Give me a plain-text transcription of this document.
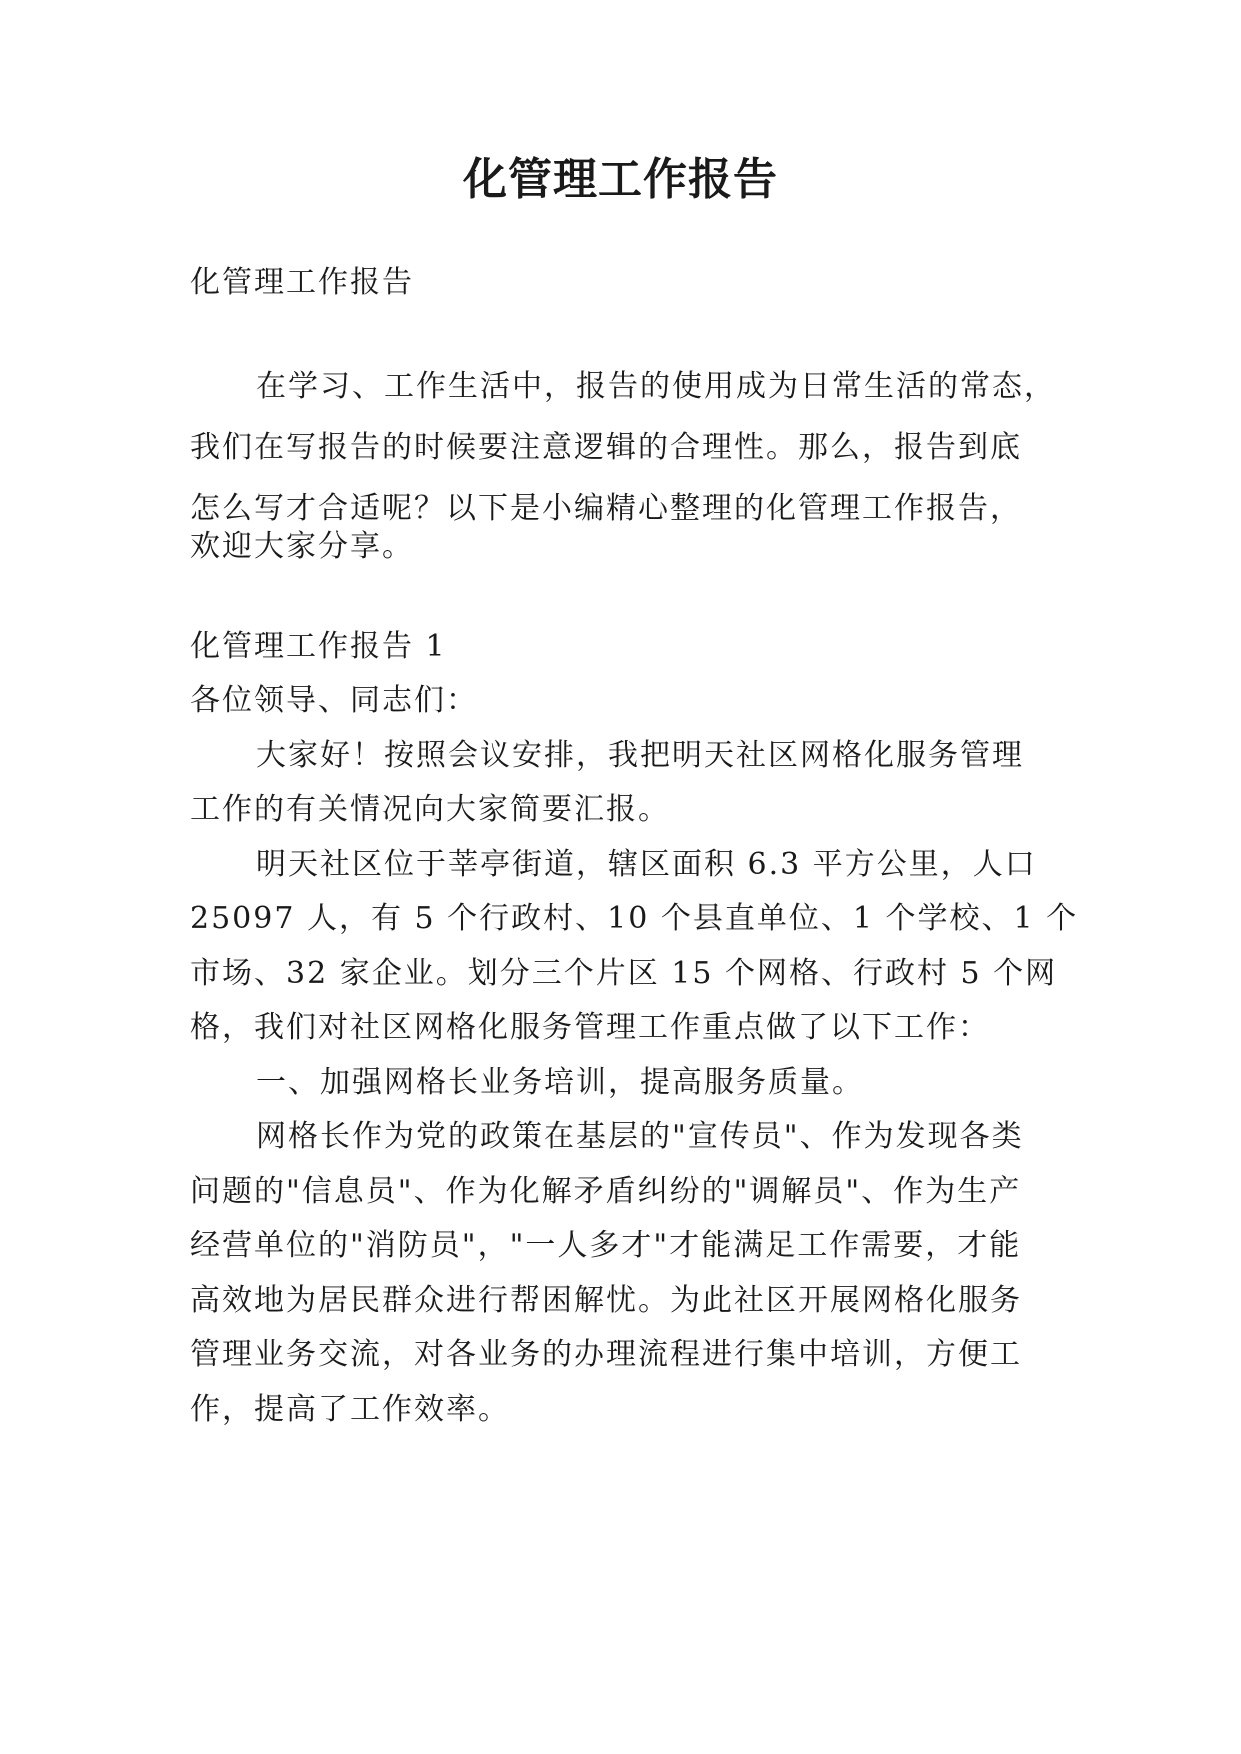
化管理工作报告

化管理工作报告

在学习、工作生活中，报告的使用成为日常生活的常态，

我们在写报告的时候要注意逻辑的合理性。那么，报告到底

怎么写才合适呢？以下是小编精心整理的化管理工作报告，

欢迎大家分享。

化管理工作报告 1

各位领导、同志们：

大家好！按照会议安排，我把明天社区网格化服务管理

工作的有关情况向大家简要汇报。

明天社区位于莘亭街道，辖区面积 6.3 平方公里，人口

25097 人，有 5 个行政村、10 个县直单位、1 个学校、1 个

市场、32 家企业。划分三个片区 15 个网格、行政村 5 个网

格，我们对社区网格化服务管理工作重点做了以下工作：

一、加强网格长业务培训，提高服务质量。

网格长作为党的政策在基层的"宣传员"、作为发现各类

问题的"信息员"、作为化解矛盾纠纷的"调解员"、作为生产

经营单位的"消防员"，"一人多才"才能满足工作需要，才能

高效地为居民群众进行帮困解忧。为此社区开展网格化服务

管理业务交流，对各业务的办理流程进行集中培训，方便工

作，提高了工作效率。
